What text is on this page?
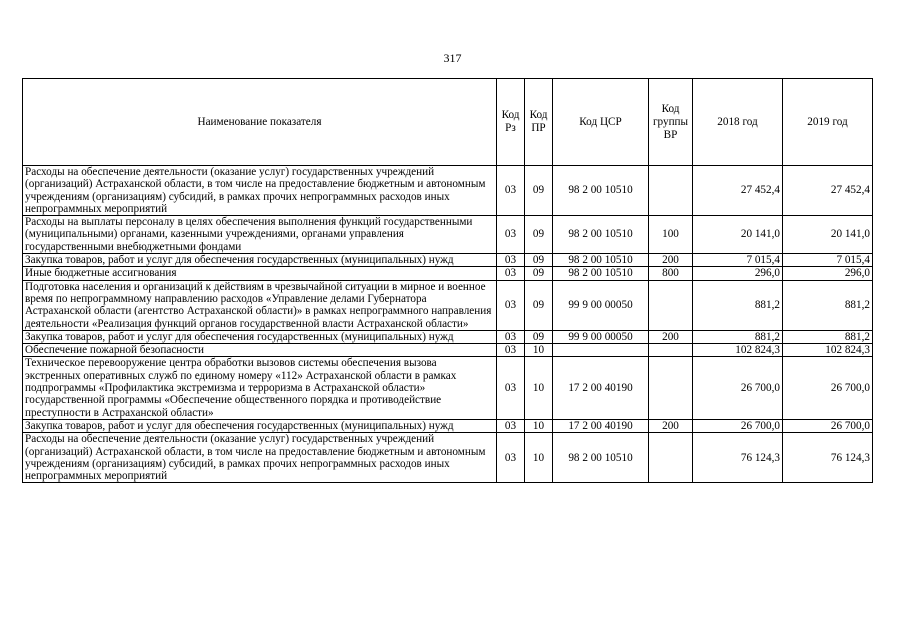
317
Наименование показателя	Код Рз	Код ПР	Код ЦСР	Код группы ВР	2018 год	2019 год
Расходы на обеспечение деятельности (оказание услуг) государственных учреждений (организаций) Астраханской области, в том числе на предоставление бюджетным и автономным учреждениям (организациям) субсидий, в рамках прочих непрограммных расходов иных непрограммных мероприятий	03	09	98 2 00 10510		27 452,4	27 452,4
Расходы на выплаты персоналу в целях обеспечения выполнения функций государственными (муниципальными) органами, казенными учреждениями, органами управления государственными внебюджетными фондами	03	09	98 2 00 10510	100	20 141,0	20 141,0
Закупка товаров, работ и услуг для обеспечения государственных (муниципальных) нужд	03	09	98 2 00 10510	200	7 015,4	7 015,4
Иные бюджетные ассигнования	03	09	98 2 00 10510	800	296,0	296,0
Подготовка населения и организаций к действиям в чрезвычайной ситуации в мирное и военное время по непрограммному направлению расходов «Управление делами Губернатора Астраханской области (агентство Астраханской области)» в рамках непрограммного направления деятельности «Реализация функций органов государственной власти Астраханской области»	03	09	99 9 00 00050		881,2	881,2
Закупка товаров, работ и услуг для обеспечения государственных (муниципальных) нужд	03	09	99 9 00 00050	200	881,2	881,2
Обеспечение пожарной безопасности	03	10			102 824,3	102 824,3
Техническое перевооружение центра обработки вызовов системы обеспечения вызова экстренных оперативных служб по единому номеру «112» Астраханской области в рамках подпрограммы «Профилактика экстремизма и терроризма в Астраханской области» государственной программы «Обеспечение общественного порядка и противодействие преступности в Астраханской области»	03	10	17 2 00 40190		26 700,0	26 700,0
Закупка товаров, работ и услуг для обеспечения государственных (муниципальных) нужд	03	10	17 2 00 40190	200	26 700,0	26 700,0
Расходы на обеспечение деятельности (оказание услуг) государственных учреждений (организаций) Астраханской области, в том числе на предоставление бюджетным и автономным учреждениям (организациям) субсидий, в рамках прочих непрограммных расходов иных непрограммных мероприятий	03	10	98 2 00 10510		76 124,3	76 124,3
